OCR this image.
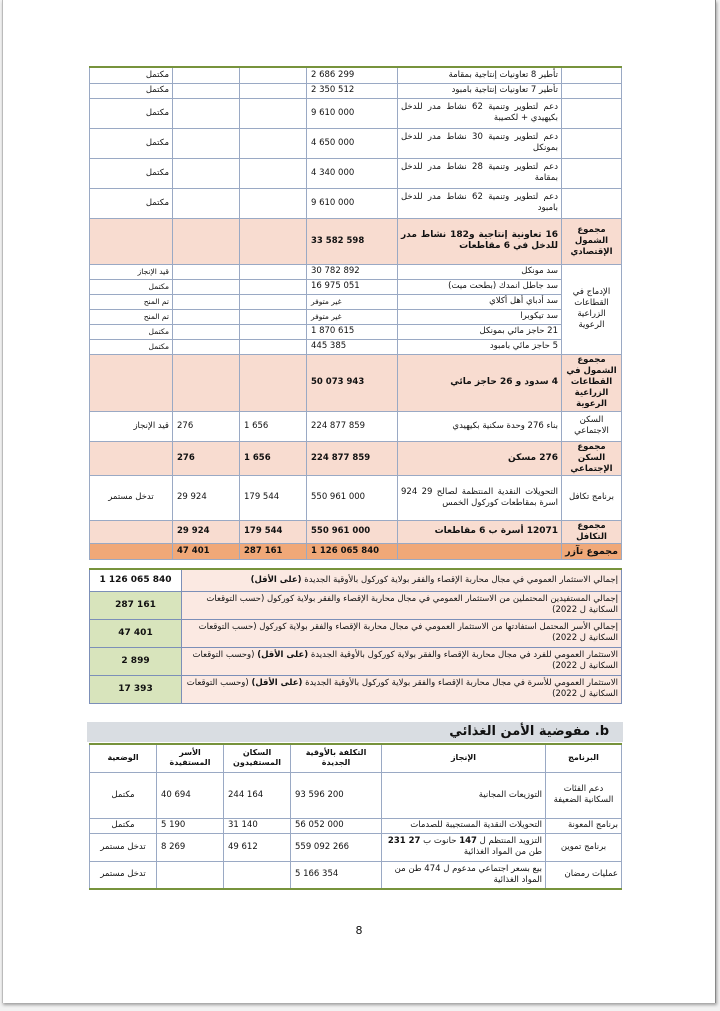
	تأطير 8 تعاونيات إنتاجية بمقامة	2 686 299			مكتمل
	تأطير 7 تعاونيات إنتاجية بامبود	2 350 512			مكتمل
	دعم لتطوير وتنمية 62 نشاط مدر للدخل بكيهيدي + لكصيبة	9 610 000			مكتمل
	دعم لتطوير وتنمية 30 نشاط مدر للدخل بمونكل	4 650 000			مكتمل
	دعم لتطوير وتنمية 28 نشاط مدر للدخل بمقامة	4 340 000			مكتمل
	دعم لتطوير وتنمية 62 نشاط مدر للدخل بامبود	9 610 000			مكتمل
مجموع الشمول الإقتصادي	16 تعاونية إنتاجية و182 نشاط مدر للدخل في 6 مقاطعات	33 582 598			
الإدماج في القطاعات الزراعية الرعوية	سد مونكل	30 782 892			قيد الإنجاز
	سد جاطل انمدك (بطحت ميت)	16 975 051			مكتمل
	سد أدباي أهل أكلاي	غير متوفر			تم المنح
	سد تيكوبرا	غير متوفر			تم المنح
	21 حاجز مائي بمونكل	1 870 615			مكتمل
	5 حاجز مائي بامبود	445 385			مكتمل
مجموع الشمول في القطاعات الزراعية الرعوية	4 سدود و 26 حاجز مائي	50 073 943			
السكن الاجتماعي	بناء 276 وحدة سكنية بكيهيدي	224 877 859	1 656	276	قيد الإنجاز
مجموع السكن الإجتماعي	276 مسكن	224 877 859	1 656	276	
برنامج تكافل	التحويلات النقدية المنتظمة لصالح 29 924 اسرة بمقاطعات كوركول الخمس	550 961 000	179 544	29 924	تدخل مستمر
مجموع التكافل	12071 أسرة ب 6 مقاطعات	550 961 000	179 544	29 924	
مجموع تآزر		1 126 065 840	287 161	47 401	
إجمالي الاستثمار العمومي في مجال محاربة الإقصاء والفقر بولاية كوركول بالأوقية الجديدة (على الأقل)	1 126 065 840
إجمالي المستفيدين المحتملين من الاستثمار العمومي في مجال محاربة الإقصاء والفقر بولاية كوركول (حسب التوقعات السكانية ل 2022)	287 161
إجمالي الأسر المحتمل استفادتها من الاستثمار العمومي في مجال محاربة الإقصاء والفقر بولاية كوركول (حسب التوقعات السكانية ل 2022)	47 401
الاستثمار العمومي للفرد في مجال محاربة الإقصاء والفقر بولاية كوركول بالأوقية الجديدة (على الأقل) (وحسب التوقعات السكانية ل 2022)	2 899
الاستثمار العمومي للأسرة في مجال محاربة الإقصاء والفقر بولاية كوركول بالأوقية الجديدة (على الأقل) (وحسب التوقعات السكانية ل 2022)	17 393
b. مفوضية الأمن الغذائي
البرنامج	الإنجاز	التكلفة بالأوقية الجديدة	السكان المستفيدون	الأسر المستفيدة	الوضعية
دعم الفئات السكانية الضعيفة	التوزيعات المجانية	93 596 200	244 164	40 694	مكتمل
برنامج المعونة	التحويلات النقدية المستجيبة للصدمات	56 052 000	31 140	5 190	مكتمل
برنامج تموين	التزويد المنتظم ل 147 حانوت ب 27 231 طن من المواد الغذائية	559 092 266	49 612	8 269	تدخل مستمر
عمليات رمضان	بيع بسعر اجتماعي مدعوم ل 474 طن من المواد الغذائية	5 166 354			تدخل مستمر
8
